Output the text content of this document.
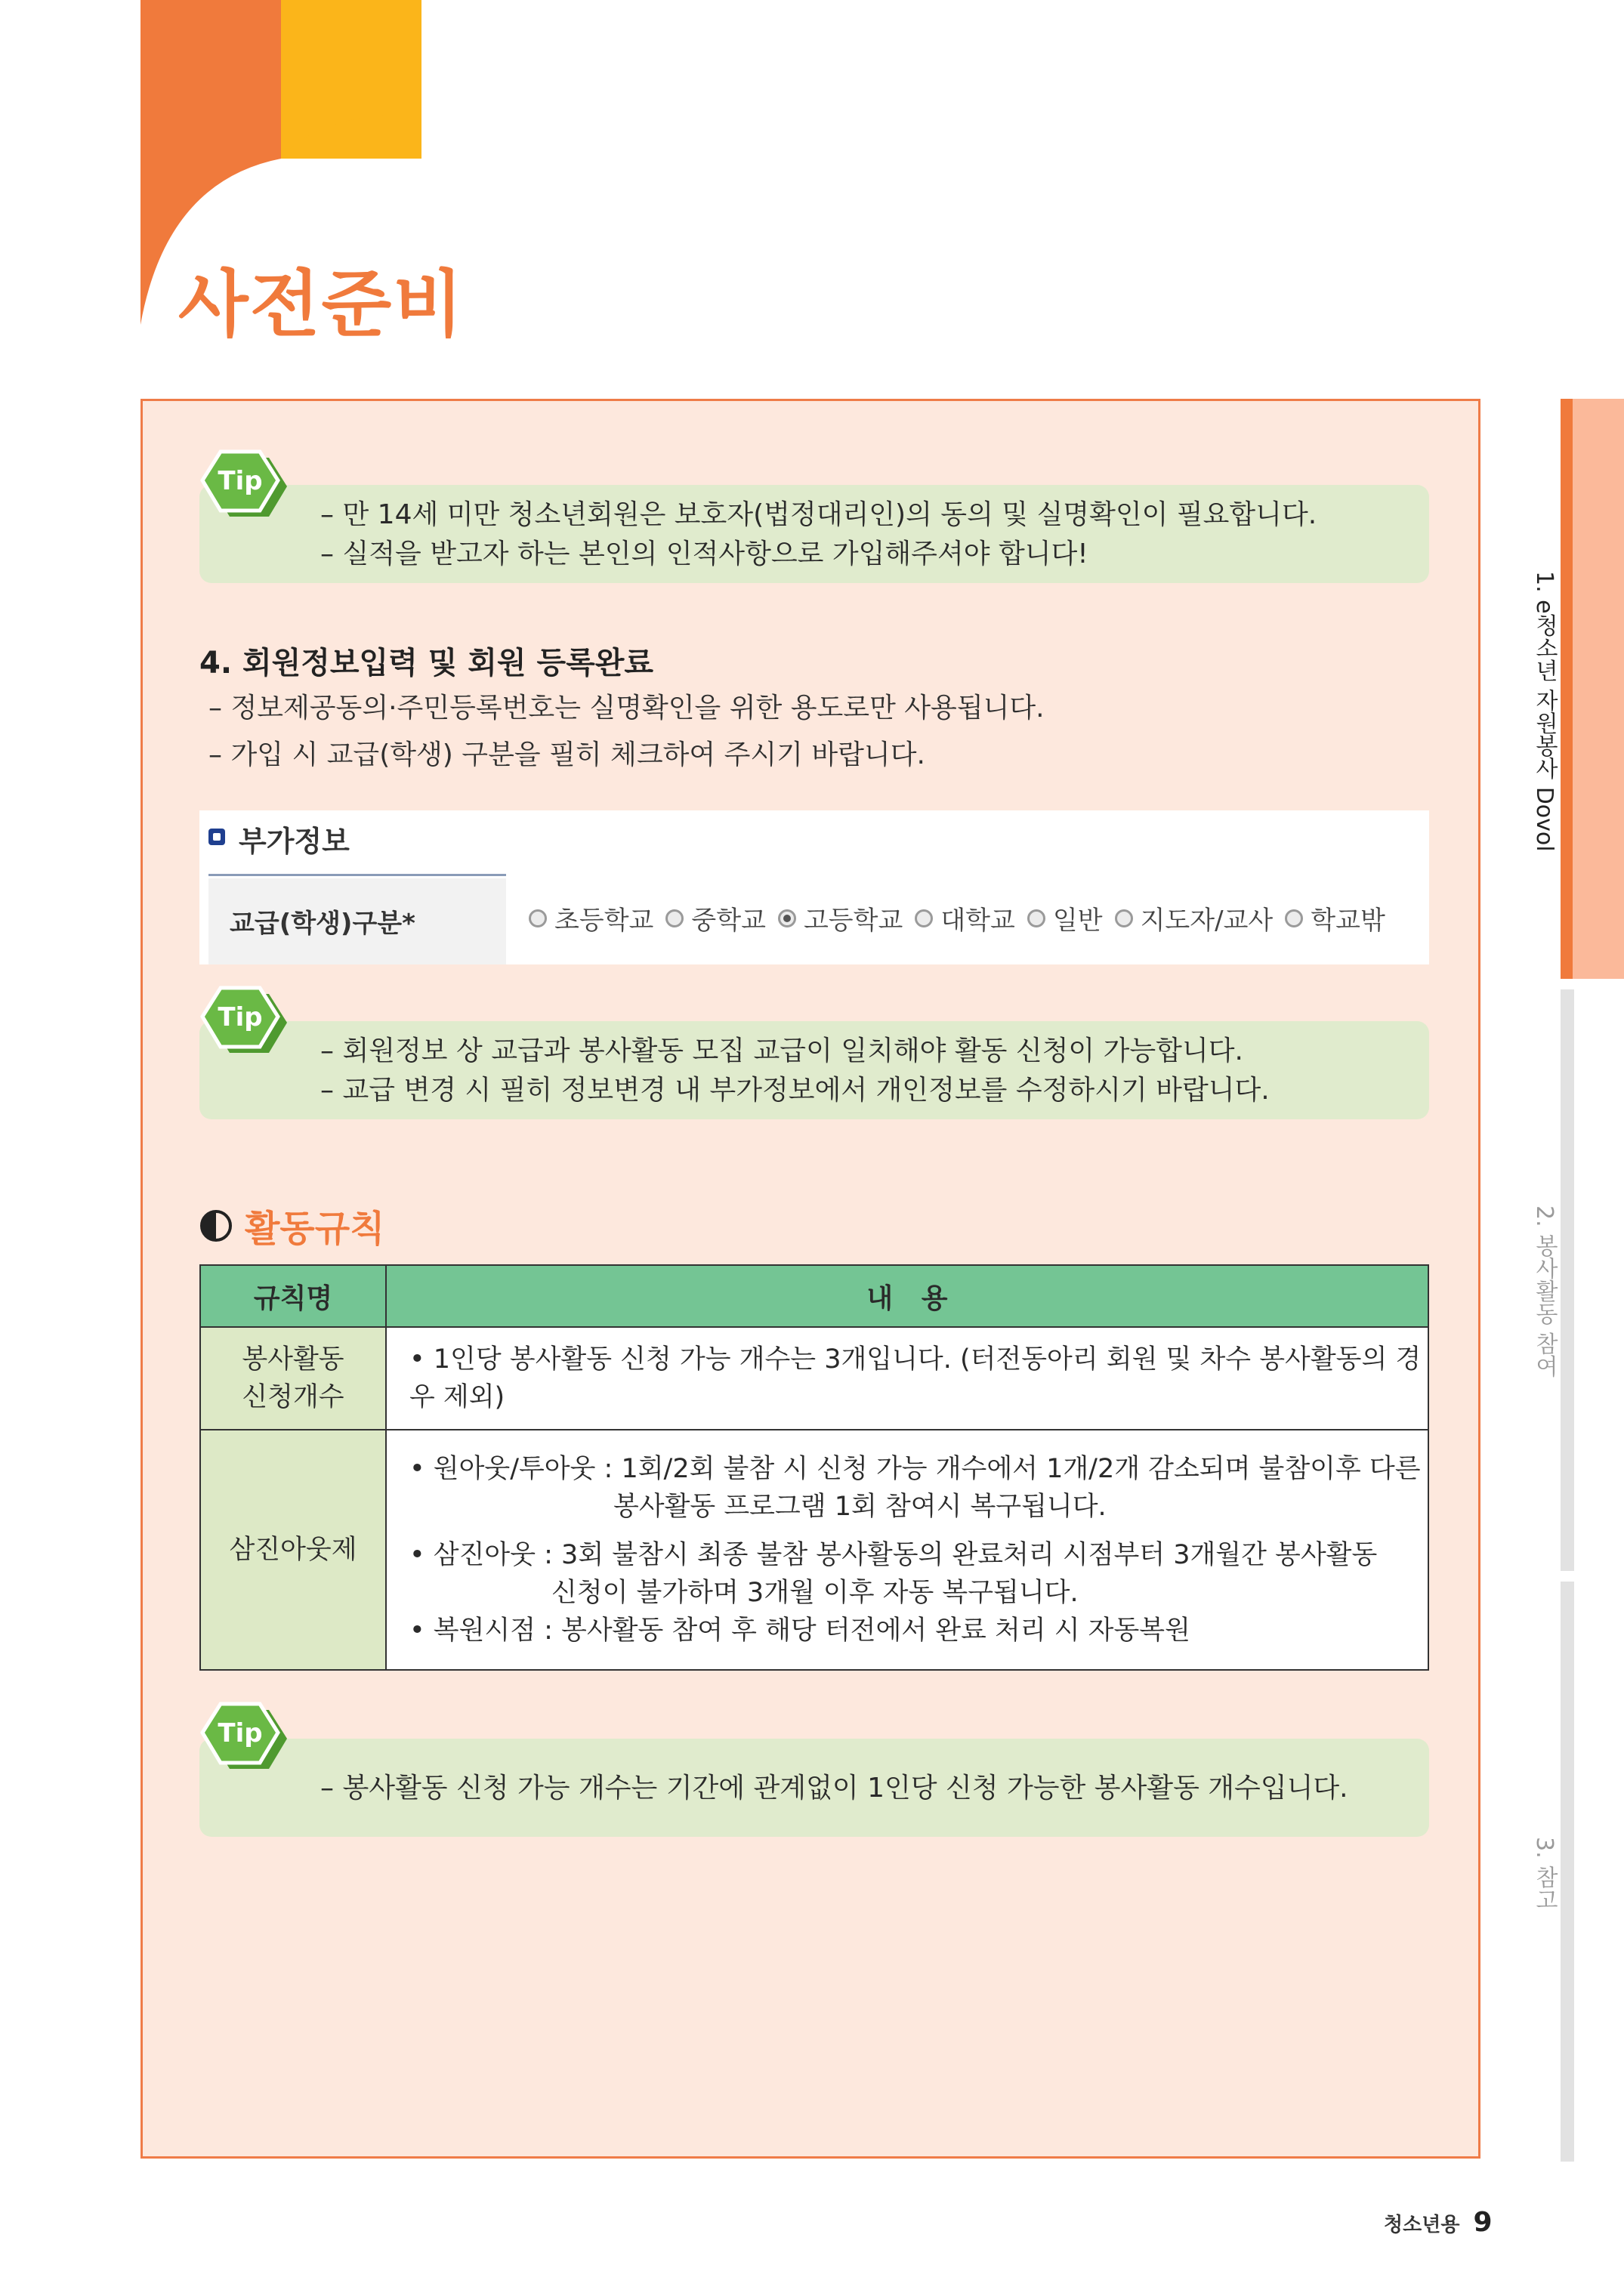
사전준비
– 만 14세 미만 청소년회원은 보호자(법정대리인)의 동의 및 실명확인이 필요합니다.
– 실적을 받고자 하는 본인의 인적사항으로 가입해주셔야 합니다!
Tip
4. 회원정보입력 및 회원 등록완료
– 정보제공동의·주민등록번호는 실명확인을 위한 용도로만 사용됩니다.
– 가입 시 교급(학생) 구분을 필히 체크하여 주시기 바랍니다.
부가정보
교급(학생)구분*	초등학교 중학교 고등학교 대학교 일반 지도자/교사 학교밖
– 회원정보 상 교급과 봉사활동 모집 교급이 일치해야 활동 신청이 가능합니다.
– 교급 변경 시 필히 정보변경 내 부가정보에서 개인정보를 수정하시기 바랍니다.
Tip
활동규칙
규칙명	내   용

봉사활동
신청개수	• 1인당 봉사활동 신청 가능 개수는 3개입니다. (터전동아리 회원 및 차수 봉사활동의 경우 제외)
삼진아웃제	• 원아웃/투아웃 : 1회/2회 불참 시 신청 가능 개수에서 1개/2개 감소되며 불참이후 다른
봉사활동 프로그램 1회 참여시 복구됩니다.
• 삼진아웃 : 3회 불참시 최종 불참 봉사활동의 완료처리 시점부터 3개월간 봉사활동
신청이 불가하며 3개월 이후 자동 복구됩니다.
• 복원시점 : 봉사활동 참여 후 해당 터전에서 완료 처리 시 자동복원
– 봉사활동 신청 가능 개수는 기간에 관계없이 1인당 신청 가능한 봉사활동 개수입니다.
Tip
1. e청소년 자원봉사 Dovol
2. 봉사활동 참여
3. 참고
청소년용 9
